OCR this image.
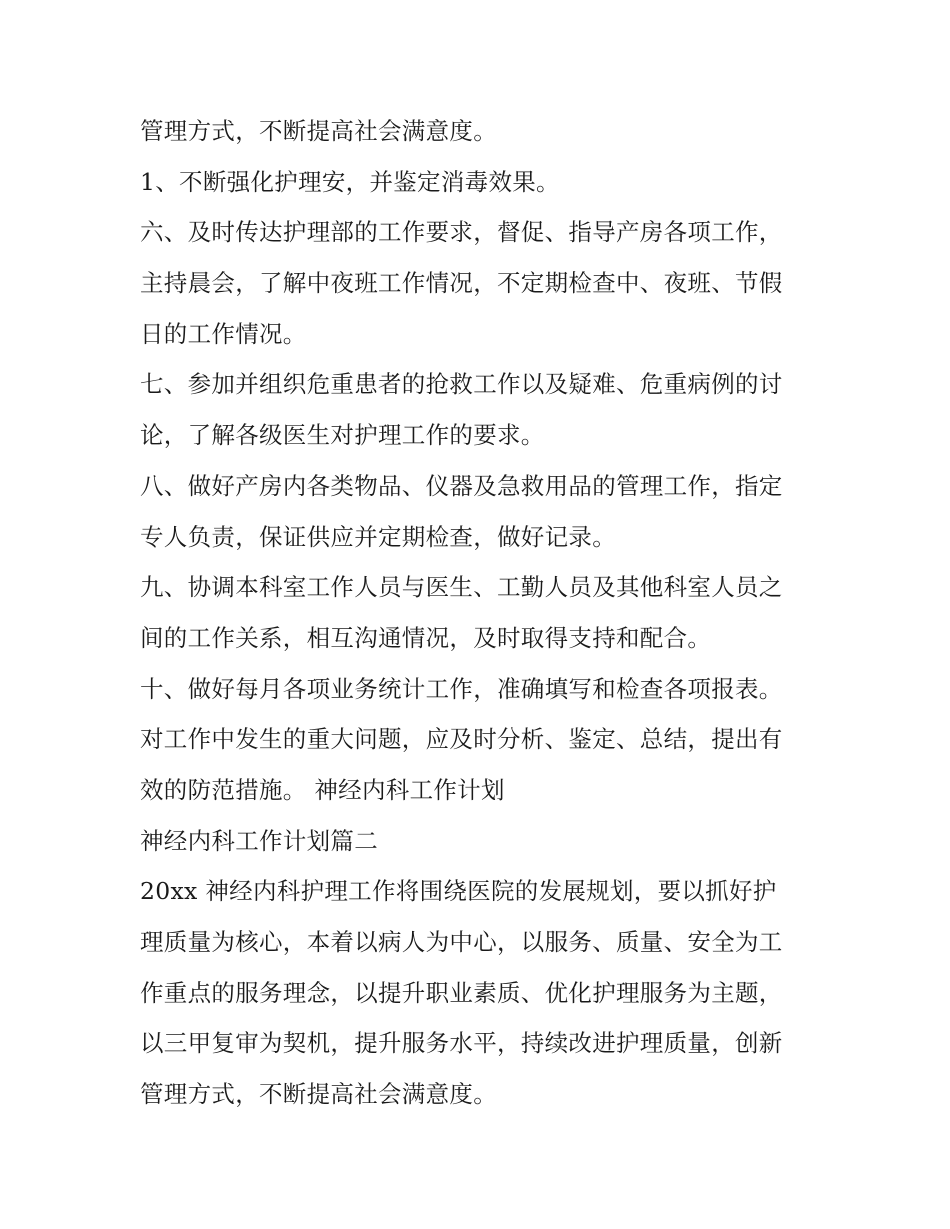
管理方式，不断提高社会满意度。
1、不断强化护理安，并鉴定消毒效果。
六、及时传达护理部的工作要求，督促、指导产房各项工作，
主持晨会，了解中夜班工作情况，不定期检查中、夜班、节假
日的工作情况。
七、参加并组织危重患者的抢救工作以及疑难、危重病例的讨
论，了解各级医生对护理工作的要求。
八、做好产房内各类物品、仪器及急救用品的管理工作，指定
专人负责，保证供应并定期检查，做好记录。
九、协调本科室工作人员与医生、工勤人员及其他科室人员之
间的工作关系，相互沟通情况，及时取得支持和配合。
十、做好每月各项业务统计工作，准确填写和检查各项报表。
对工作中发生的重大问题，应及时分析、鉴定、总结，提出有
效的防范措施。 神经内科工作计划
神经内科工作计划篇二
20xx 神经内科护理工作将围绕医院的发展规划，要以抓好护
理质量为核心，本着以病人为中心，以服务、质量、安全为工
作重点的服务理念，以提升职业素质、优化护理服务为主题，
以三甲复审为契机，提升服务水平，持续改进护理质量，创新
管理方式，不断提高社会满意度。
